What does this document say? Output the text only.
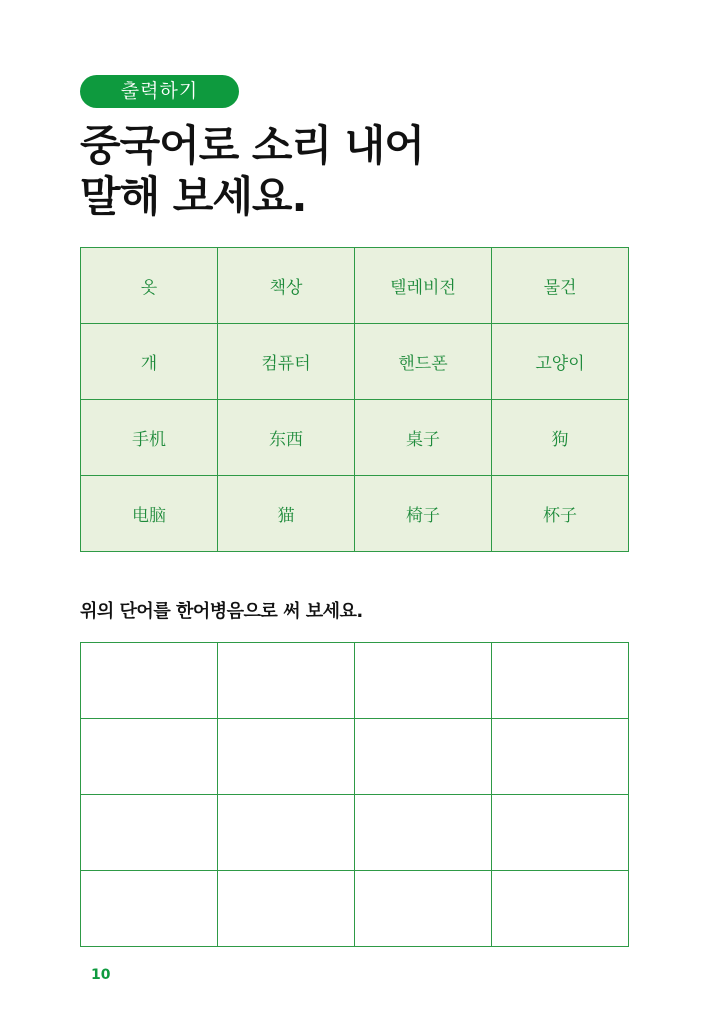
출력하기
중국어로 소리 내어
말해 보세요.
옷	책상	텔레비전	물건
개	컴퓨터	핸드폰	고양이
手机	东西	桌子	狗
电脑	猫	椅子	杯子

위의 단어를 한어병음으로 써 보세요.

10
